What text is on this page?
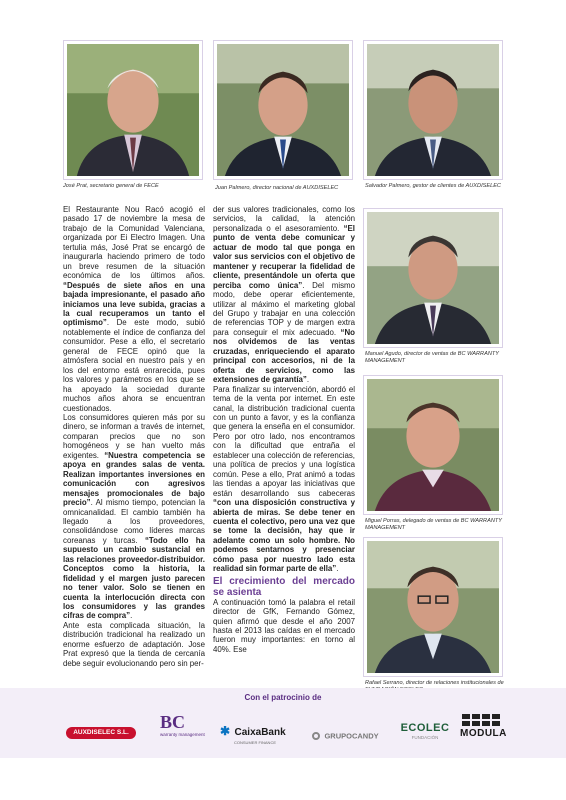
José Prat, secretario general de FECE	Juan Palmero, director nacional de AUXDISELEC	Salvador Palmero, gestor de clientes de AUXDISELEC
Manuel Agudo, director de ventas de BC WARRANTY MANAGEMENT
Miguel Porras, delegado de ventas de BC WARRANTY MANAGEMENT
Rafael Serrano, director de relaciones institucionales de
El Restaurante Nou Racó acogió el pasado 17 de noviembre la mesa de trabajo de la Comunidad Valenciana, organizada por Ei Electro Imagen. Una tertulia más, José Prat se encargó de inaugurarla haciendo primero de todo un breve resumen de la situación económica de los últimos años. “Después de siete años en una bajada impresionante, el pasado año iniciamos una leve subida, gracias a la cual recuperamos un tanto el optimismo”. De este modo, subió notablemente el índice de confianza del consumidor. Pese a ello, el secretario general de FECE opinó que la atmósfera social en nuestro país y en los del entorno está enrarecida, pues los valores y parámetros en los que se ha apoyado la sociedad durante muchos años ahora se encuentran cuestionados.
Los consumidores quieren más por su dinero, se informan a través de internet, comparan precios que no son homogéneos y se han vuelto más exigentes. “Nuestra competencia se apoya en grandes salas de venta. Realizan importantes inversiones en comunicación con agresivos mensajes promocionales de bajo precio”. Al mismo tiempo, potencian la omnicanalidad. El cambio también ha llegado a los proveedores, consolidándose como líderes marcas coreanas y turcas. “Todo ello ha supuesto un cambio sustancial en las relaciones proveedor-distribuidor. Conceptos como la historia, la fidelidad y el margen justo parecen no tener valor. Solo se tienen en cuenta la interlocución directa con los consumidores y las grandes cifras de compra”.
Ante esta complicada situación, la distribución tradicional ha realizado un enorme esfuerzo de adaptación. Jose Prat expresó que la tienda de cercanía debe seguir evolucionando pero sin per-

der sus valores tradicionales, como los servicios, la calidad, la atención personalizada o el asesoramiento. “El punto de venta debe comunicar y actuar de modo tal que ponga en valor sus servicios con el objetivo de mantener y recuperar la fidelidad de cliente, presentándole un oferta que perciba como única”. Del mismo modo, debe operar eficientemente, utilizar al máximo el marketing global del Grupo y trabajar en una colección de referencias TOP y de margen extra para conseguir el mix adecuado. “No nos olvidemos de las ventas cruzadas, enriqueciendo el aparato principal con accesorios, ni de la oferta de servicios, como las extensiones de garantía”.
Para finalizar su intervención, abordó el tema de la venta por internet. En este canal, la distribución tradicional cuenta con un punto a favor, y es la confianza que genera la enseña en el consumidor. Pero por otro lado, nos encontramos con la dificultad que entraña el establecer una colección de referencias, una política de precios y una logística común. Pese a ello, Prat animó a todas las tiendas a apoyar las iniciativas que están desarrollando sus cabeceras “con una disposición constructiva y abierta de miras. Se debe tener en cuenta el colectivo, pero una vez que se tome la decisión, hay que ir adelante como un solo hombre. No podemos sentarnos y presenciar cómo pasa por nuestro lado esta realidad sin formar parte de ella”.

El crecimiento del mercado se asienta

A continuación tomó la palabra el retail director de GfK, Fernando Gómez, quien afirmó que desde el año 2007 hasta el 2013 las caídas en el mercado fueron muy importantes: en torno al 40%. Ese

Con el patrocinio de
AUXDISELEC S.L.
BC
warranty management ✱ CaixaBank
CONSUMER FINANCE
GRUPOCANDY
ECOLEC
FUNDACIÓN	MODULA
